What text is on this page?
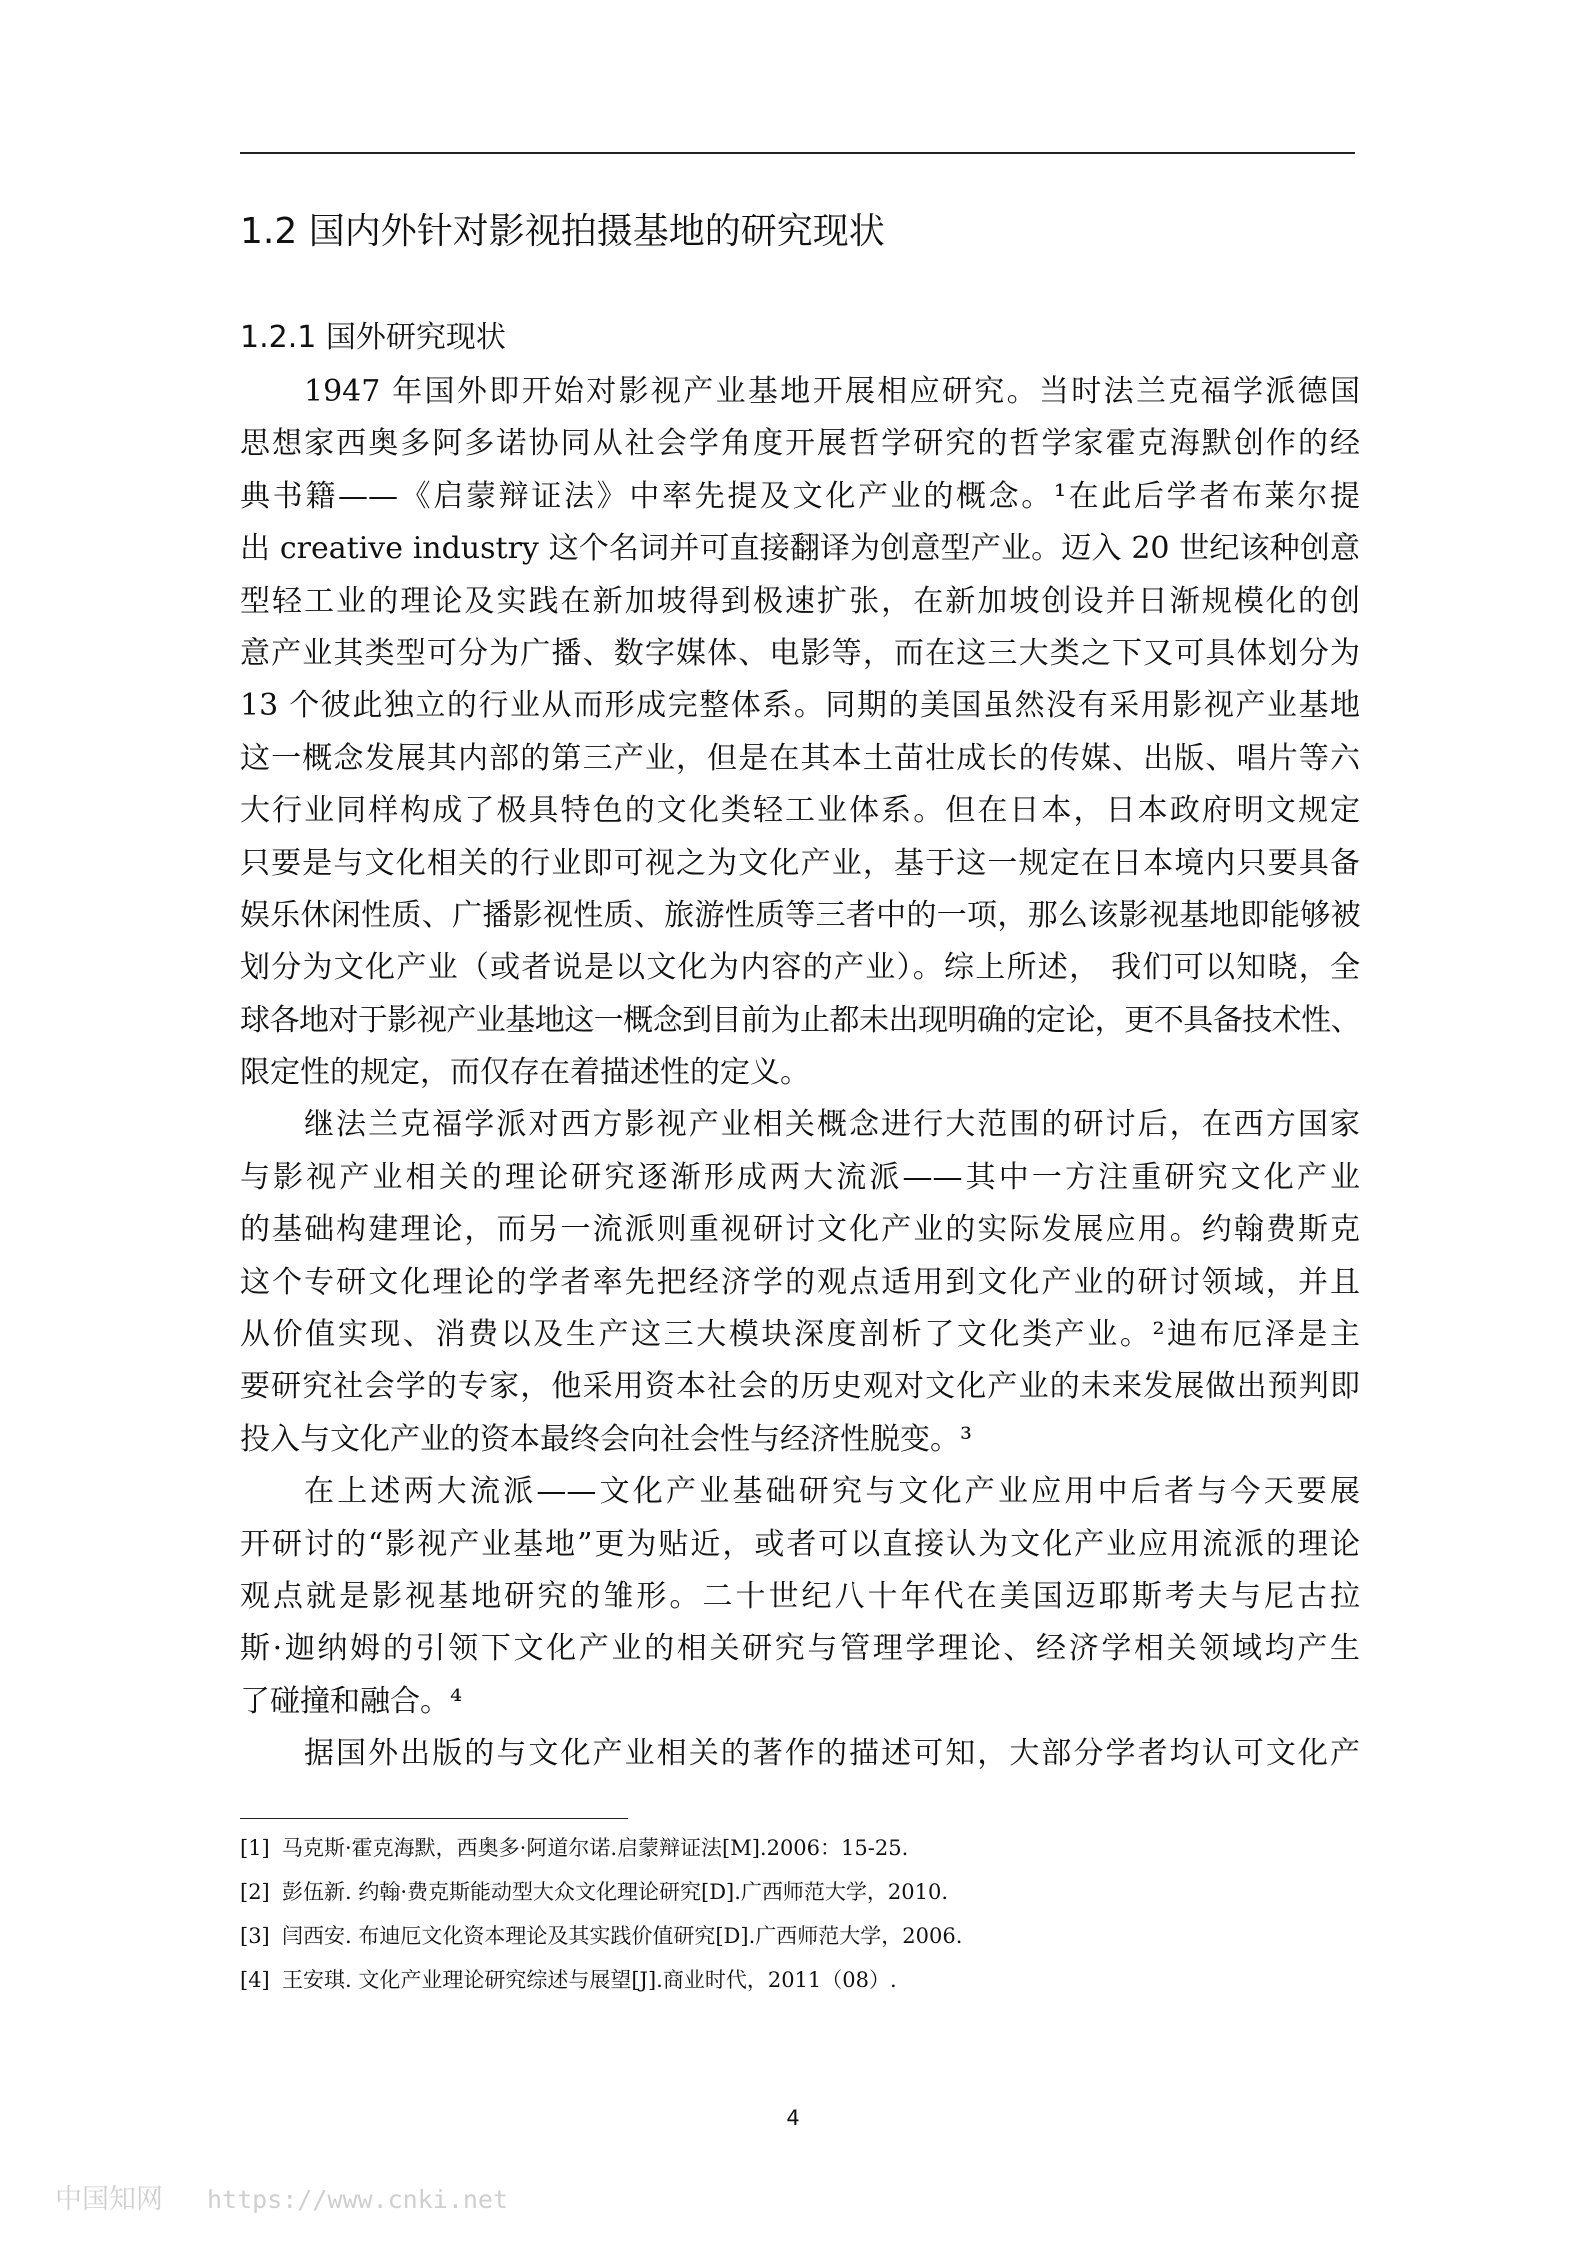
1.2 国内外针对影视拍摄基地的研究现状
1.2.1 国外研究现状
1947 年国外即开始对影视产业基地开展相应研究。当时法兰克福学派德国
思想家西奥多阿多诺协同从社会学角度开展哲学研究的哲学家霍克海默创作的经
典书籍——《启蒙辩证法》中率先提及文化产业的概念。¹在此后学者布莱尔提
出 creative industry 这个名词并可直接翻译为创意型产业。迈入 20 世纪该种创意
型轻工业的理论及实践在新加坡得到极速扩张，在新加坡创设并日渐规模化的创
意产业其类型可分为广播、数字媒体、电影等，而在这三大类之下又可具体划分为
13 个彼此独立的行业从而形成完整体系。同期的美国虽然没有采用影视产业基地
这一概念发展其内部的第三产业，但是在其本土苗壮成长的传媒、出版、唱片等六
大行业同样构成了极具特色的文化类轻工业体系。但在日本，日本政府明文规定
只要是与文化相关的行业即可视之为文化产业，基于这一规定在日本境内只要具备
娱乐休闲性质、广播影视性质、旅游性质等三者中的一项，那么该影视基地即能够被
划分为文化产业（或者说是以文化为内容的产业）。综上所述， 我们可以知晓，全
球各地对于影视产业基地这一概念到目前为止都未出现明确的定论，更不具备技术性、
限定性的规定，而仅存在着描述性的定义。
继法兰克福学派对西方影视产业相关概念进行大范围的研讨后，在西方国家
与影视产业相关的理论研究逐渐形成两大流派——其中一方注重研究文化产业
的基础构建理论，而另一流派则重视研讨文化产业的实际发展应用。约翰费斯克
这个专研文化理论的学者率先把经济学的观点适用到文化产业的研讨领域，并且
从价值实现、消费以及生产这三大模块深度剖析了文化类产业。²迪布厄泽是主
要研究社会学的专家，他采用资本社会的历史观对文化产业的未来发展做出预判即
投入与文化产业的资本最终会向社会性与经济性脱变。³
在上述两大流派——文化产业基础研究与文化产业应用中后者与今天要展
开研讨的“影视产业基地”更为贴近，或者可以直接认为文化产业应用流派的理论
观点就是影视基地研究的雏形。二十世纪八十年代在美国迈耶斯考夫与尼古拉
斯·迦纳姆的引领下文化产业的相关研究与管理学理论、经济学相关领域均产生
了碰撞和融合。⁴
据国外出版的与文化产业相关的著作的描述可知，大部分学者均认可文化产
[1] 马克斯·霍克海默，西奥多·阿道尔诺.启蒙辩证法[M].2006：15-25.
[2] 彭伍新. 约翰·费克斯能动型大众文化理论研究[D].广西师范大学，2010.
[3] 闫西安. 布迪厄文化资本理论及其实践价值研究[D].广西师范大学，2006.
[4] 王安琪. 文化产业理论研究综述与展望[J].商业时代，2011（08）.
4
中国知网 https://www.cnki.net
